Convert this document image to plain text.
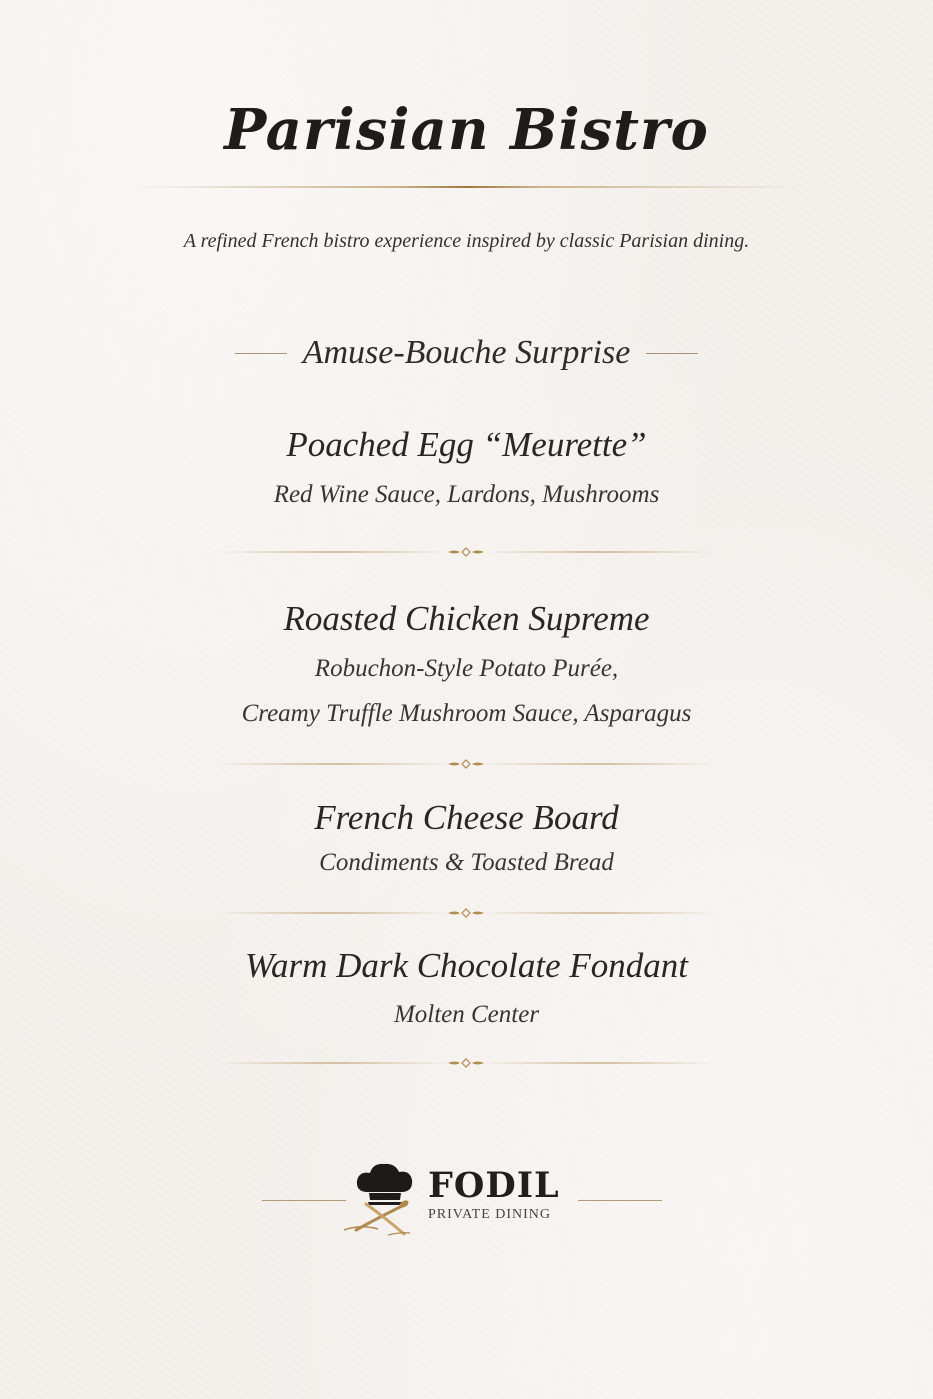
Parisian Bistro

A refined French bistro experience inspired by classic Parisian dining.

Amuse-Bouche Surprise
Poached Egg “Meurette”
Red Wine Sauce, Lardons, Mushrooms
Roasted Chicken Supreme
Robuchon-Style Potato Purée,
Creamy Truffle Mushroom Sauce, Asparagus
French Cheese Board
Condiments & Toasted Bread
Warm Dark Chocolate Fondant
Molten Center
FODIL
PRIVATE DINING
